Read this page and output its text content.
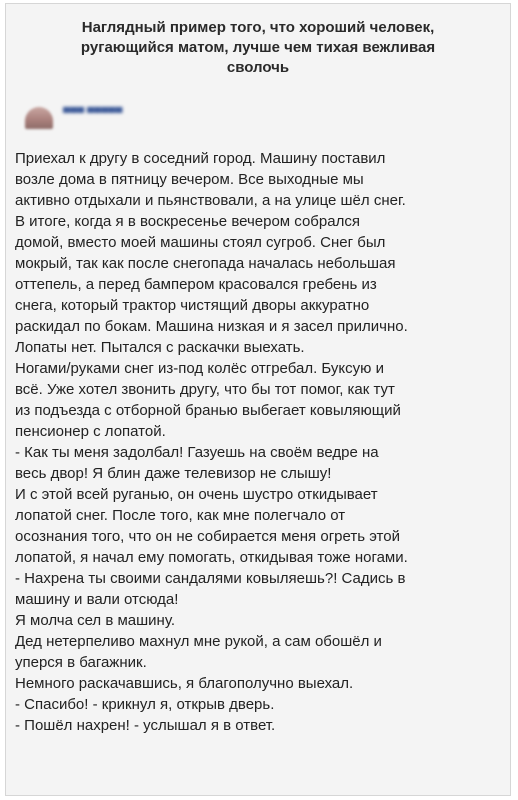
Наглядный пример того, что хороший человек,
ругающийся матом, лучше чем тихая вежливая
сволочь
▀▀▀ ▀▀▀▀▀
Приехал к другу в соседний город. Машину поставил
возле дома в пятницу вечером. Все выходные мы
активно отдыхали и пьянствовали, а на улице шёл снег.
В итоге, когда я в воскресенье вечером собрался
домой, вместо моей машины стоял сугроб. Снег был
мокрый, так как после снегопада началась небольшая
оттепель, а перед бампером красовался гребень из
снега, который трактор чистящий дворы аккуратно
раскидал по бокам. Машина низкая и я засел прилично.
Лопаты нет. Пытался с раскачки выехать.
Ногами/руками снег из-под колёс отгребал. Буксую и
всё. Уже хотел звонить другу, что бы тот помог, как тут
из подъезда с отборной бранью выбегает ковыляющий
пенсионер с лопатой.
- Как ты меня задолбал! Газуешь на своём ведре на
весь двор! Я блин даже телевизор не слышу!
И с этой всей руганью, он очень шустро откидывает
лопатой снег. После того, как мне полегчало от
осознания того, что он не собирается меня огреть этой
лопатой, я начал ему помогать, откидывая тоже ногами.
- Нахрена ты своими сандалями ковыляешь?! Садись в
машину и вали отсюда!
Я молча сел в машину.
Дед нетерпеливо махнул мне рукой, а сам обошёл и
уперся в багажник.
Немного раскачавшись, я благополучно выехал.
- Спасибо! - крикнул я, открыв дверь.
- Пошёл нахрен! - услышал я в ответ.
